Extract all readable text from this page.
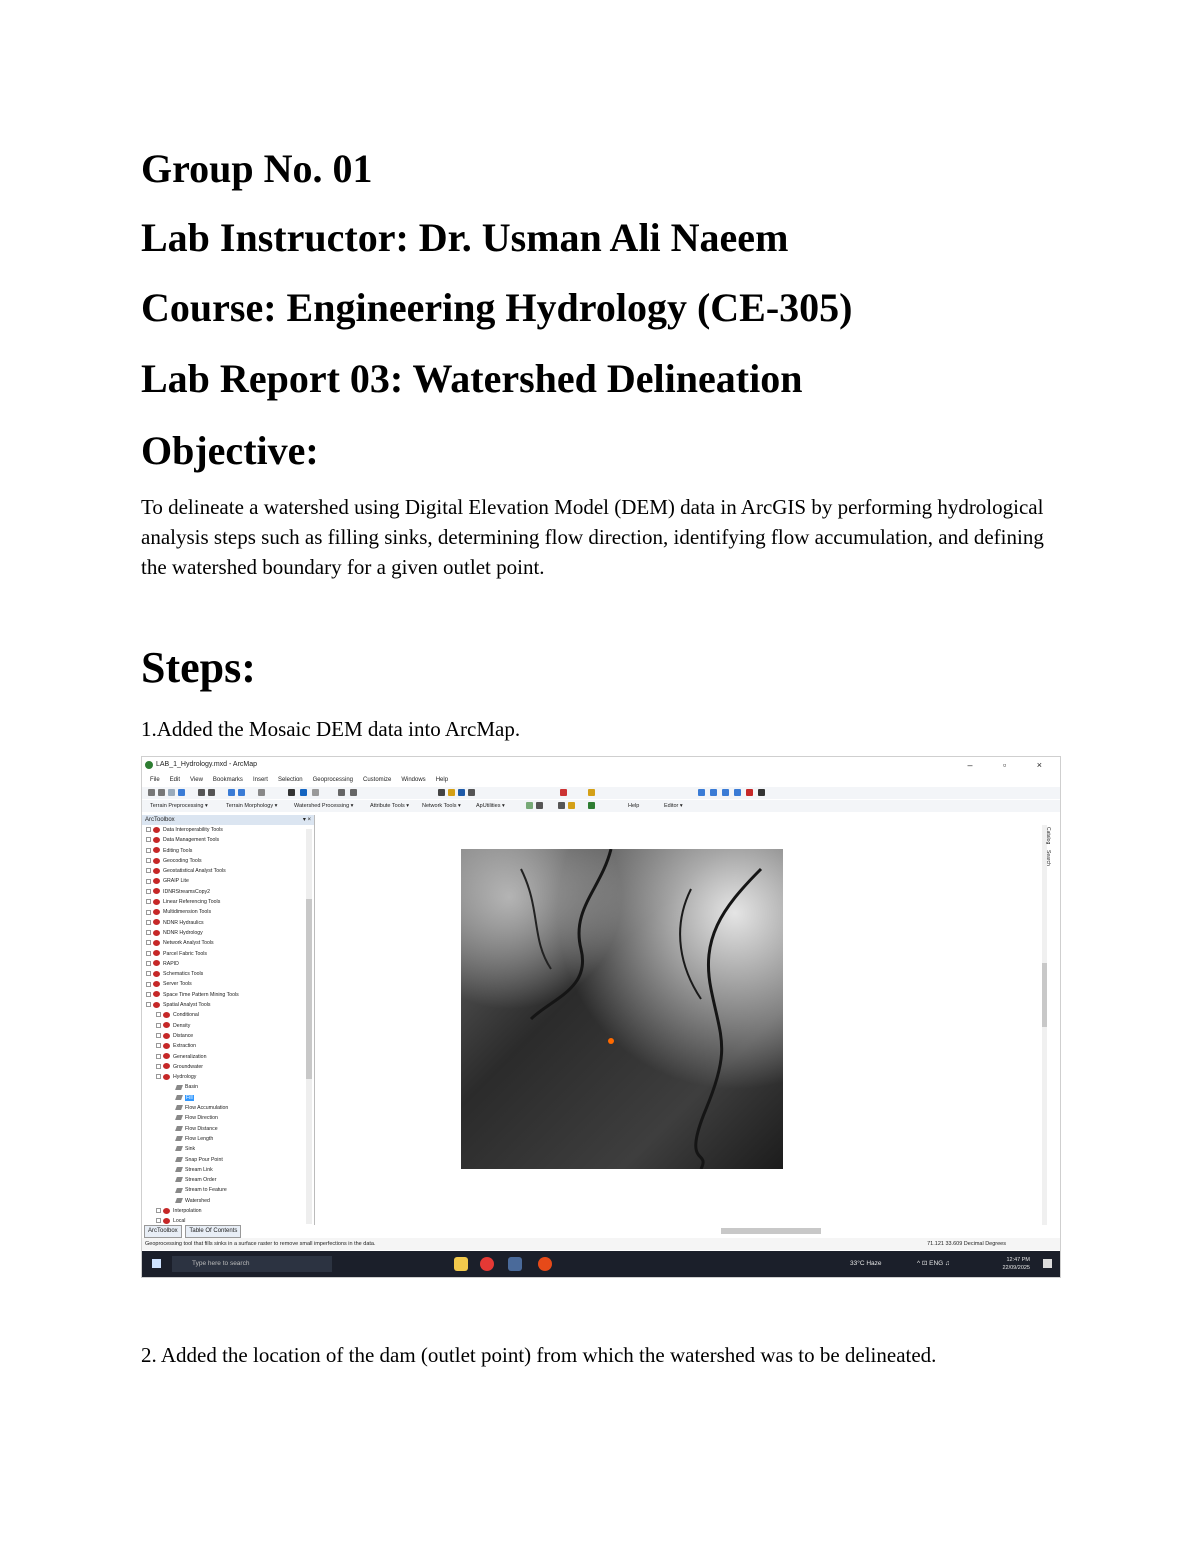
Group No. 01
Lab Instructor: Dr. Usman Ali Naeem
Course: Engineering Hydrology (CE-305)
Lab Report 03: Watershed Delineation
Objective:

To delineate a watershed using Digital Elevation Model (DEM) data in ArcGIS by performing hydrological analysis steps such as filling sinks, determining flow direction, identifying flow accumulation, and defining the watershed boundary for a given outlet point.

Steps:

1.Added the Mosaic DEM data into ArcMap.

LAB_1_Hydrology.mxd - ArcMap	– ▫ ×
File Edit View Bookmarks Insert Selection Geoprocessing Customize Windows Help
Terrain Preprocessing ▾	Terrain Morphology ▾	Watershed Processing ▾	Attribute Tools ▾ Network Tools ▾	ApUtilities ▾	Help	Editor ▾
ArcToolbox	▾ ×
Data Interoperability Tools
Data Management Tools
Editing Tools
Geocoding Tools
Geostatistical Analyst Tools
GRAIP Lite
IDNRStreamsCopy2
Linear Referencing Tools
Multidimension Tools
NDNR Hydraulics
NDNR Hydrology
Network Analyst Tools
Parcel Fabric Tools
RAPID
Schematics Tools
Server Tools
Space Time Pattern Mining Tools
Spatial Analyst Tools
Conditional
Density
Distance
Extraction
Generalization
Groundwater
Hydrology
Basin
Fill
Flow Accumulation
Flow Direction
Flow Distance
Flow Length
Sink
Snap Pour Point
Stream Link
Stream Order
Stream to Feature
Watershed
Interpolation
Local
ArcToolbox Table Of Contents
Catalog
Search
Geoprocessing tool that fills sinks in a surface raster to remove small imperfections in the data.	71.121 33.609 Decimal Degrees
Type here to search	33°C Haze	^ ⊡ ENG ♫	12:47 PM
22/09/2025

2. Added the location of the dam (outlet point) from which the watershed was to be delineated.
